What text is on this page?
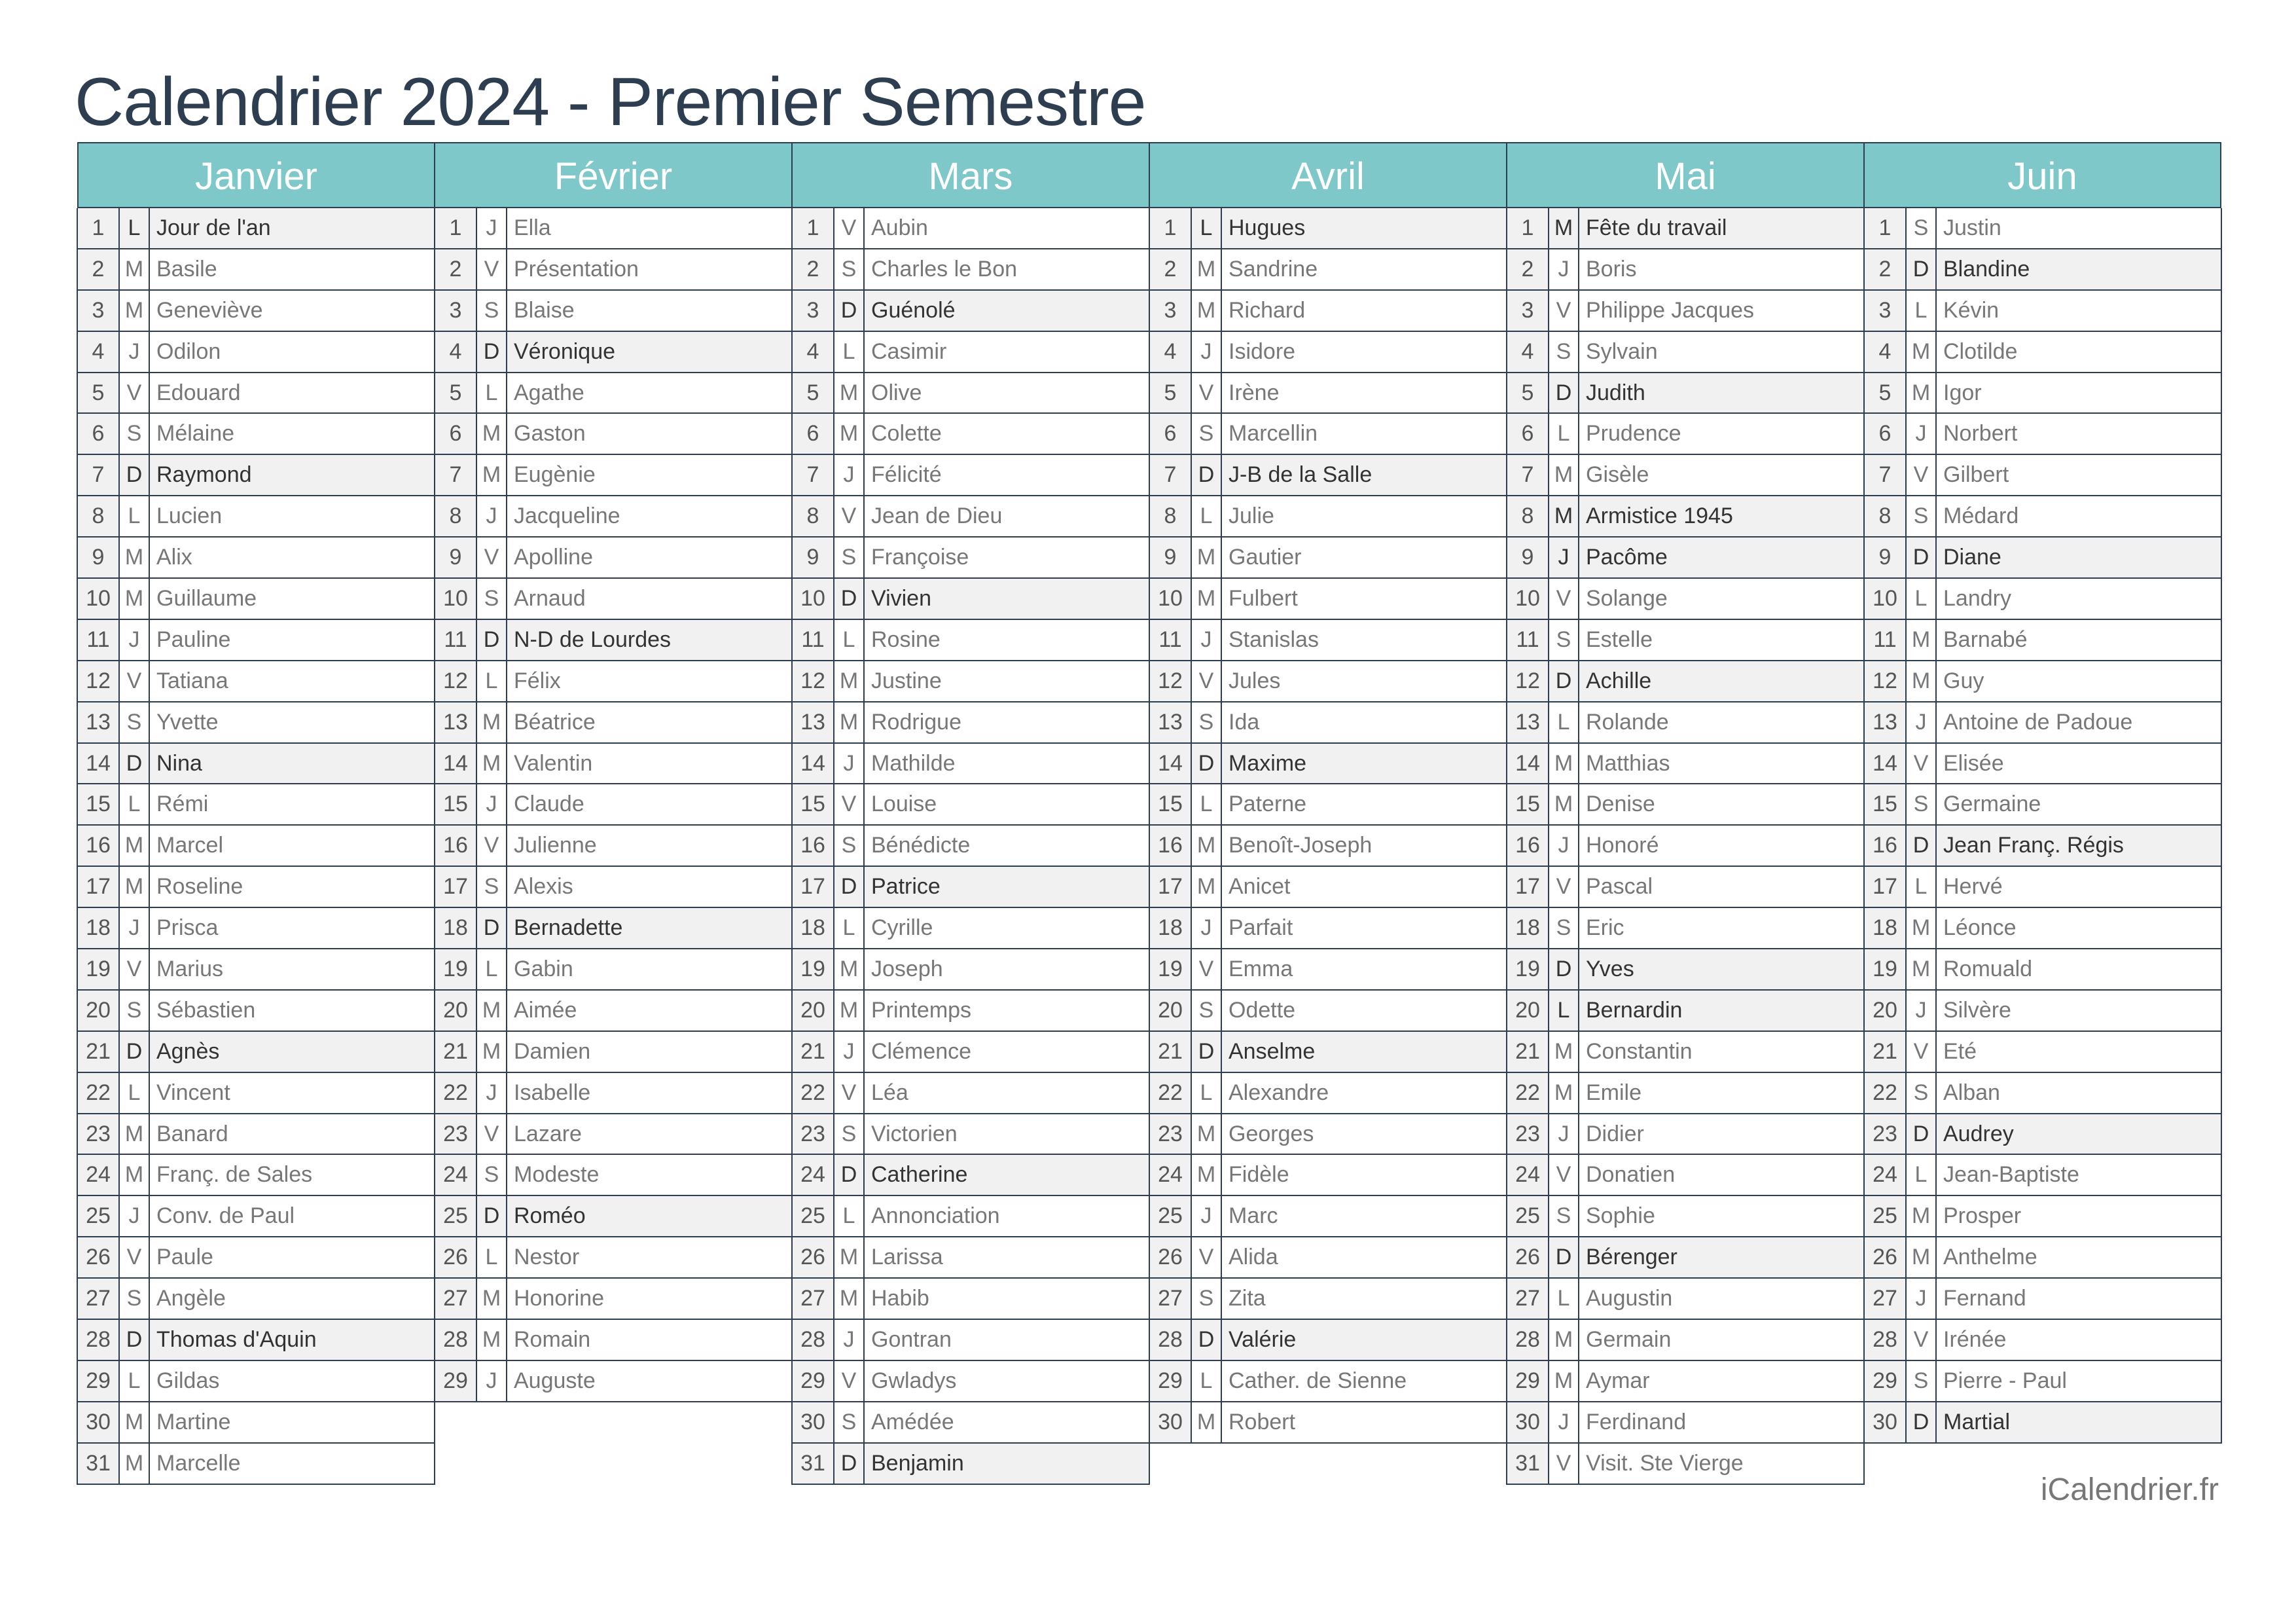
Calendrier 2024 - Premier Semestre
Janvier
1	L Jour de l'an
2 M Basile
3 M Geneviève
4	J Odilon
5	V Edouard
6	S Mélaine
7 D Raymond
8	L Lucien
9 M Alix
10 M Guillaume
11 J Pauline
12 V Tatiana
13 S Yvette
14 D Nina
15 L Rémi
16 M Marcel
17 M Roseline
18 J Prisca
19 V Marius
20 S Sébastien
21 D Agnès
22 L Vincent
23 M Banard
24 M Franç. de Sales
25 J Conv. de Paul
26 V Paule
27 S Angèle
28 D Thomas d'Aquin
29 L Gildas
30 M Martine
31 M Marcelle
Février
1	J Ella
2	V Présentation
3	S Blaise
4 D Véronique
5	L Agathe
6 M Gaston
7 M Eugènie
8	J Jacqueline
9	V Apolline
10 S Arnaud
11 D N-D de Lourdes
12 L Félix
13 M Béatrice
14 M Valentin
15 J Claude
16 V Julienne
17 S Alexis
18 D Bernadette
19 L Gabin
20 M Aimée
21 M Damien
22 J Isabelle
23 V Lazare
24 S Modeste
25 D Roméo
26 L Nestor
27 M Honorine
28 M Romain
29 J Auguste
Mars
1	V Aubin
2	S Charles le Bon
3 D Guénolé
4	L Casimir
5 M Olive
6 M Colette
7	J Félicité
8	V Jean de Dieu
9	S Françoise
10 D Vivien
11 L Rosine
12 M Justine
13 M Rodrigue
14 J Mathilde
15 V Louise
16 S Bénédicte
17 D Patrice
18 L Cyrille
19 M Joseph
20 M Printemps
21 J Clémence
22 V Léa
23 S Victorien
24 D Catherine
25 L Annonciation
26 M Larissa
27 M Habib
28 J Gontran
29 V Gwladys
30 S Amédée
31 D Benjamin
Avril
1	L Hugues
2 M Sandrine
3 M Richard
4	J Isidore
5	V Irène
6	S Marcellin
7 D J-B de la Salle
8	L Julie
9 M Gautier
10 M Fulbert
11 J Stanislas
12 V Jules
13 S Ida
14 D Maxime
15 L Paterne
16 M Benoît-Joseph
17 M Anicet
18 J Parfait
19 V Emma
20 S Odette
21 D Anselme
22 L Alexandre
23 M Georges
24 M Fidèle
25 J Marc
26 V Alida
27 S Zita
28 D Valérie
29 L Cather. de Sienne
30 M Robert
Mai
1 M Fête du travail
2	J Boris
3	V Philippe Jacques
4	S Sylvain
5 D Judith
6	L Prudence
7 M Gisèle
8 M Armistice 1945
9	J Pacôme
10 V Solange
11 S Estelle
12 D Achille
13 L Rolande
14 M Matthias
15 M Denise
16 J Honoré
17 V Pascal
18 S Eric
19 D Yves
20 L Bernardin
21 M Constantin
22 M Emile
23 J Didier
24 V Donatien
25 S Sophie
26 D Bérenger
27 L Augustin
28 M Germain
29 M Aymar
30 J Ferdinand
31 V Visit. Ste Vierge
Juin
1	S Justin
2 D Blandine
3	L Kévin
4 M Clotilde
5 M Igor
6	J Norbert
7	V Gilbert
8	S Médard
9 D Diane
10 L Landry
11 M Barnabé
12 M Guy
13 J Antoine de Padoue
14 V Elisée
15 S Germaine
16 D Jean Franç. Régis
17 L Hervé
18 M Léonce
19 M Romuald
20 J Silvère
21 V Eté
22 S Alban
23 D Audrey
24 L Jean-Baptiste
25 M Prosper
26 M Anthelme
27 J Fernand
28 V Irénée
29 S Pierre - Paul
30 D Martial
iCalendrier.fr
